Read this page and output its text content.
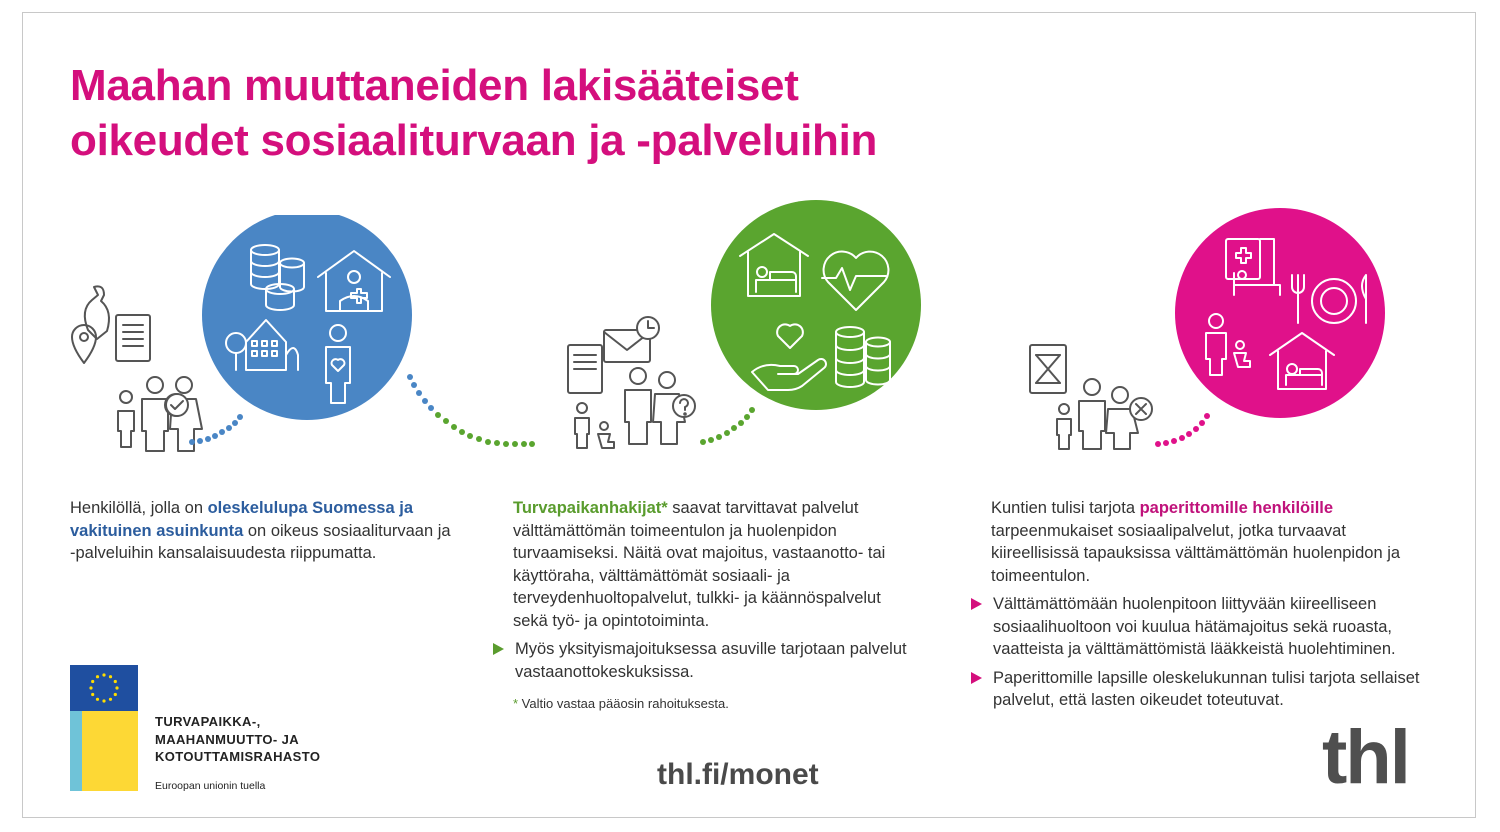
Maahan muuttaneiden lakisääteiset
oikeudet sosiaaliturvaan ja -palveluihin

Henkilöllä, jolla on oleskelulupa Suomessa ja vakituinen asuinkunta on oikeus sosiaaliturvaan ja -palveluihin kansalaisuudesta riippumatta.

Turvapaikanhakijat* saavat tarvittavat palvelut välttämättömän toimeentulon ja huolenpidon turvaamiseksi. Näitä ovat majoitus, vastaanotto- tai käyttöraha, välttämättömät sosiaali- ja terveydenhuoltopalvelut, tulkki- ja käännöspalvelut sekä työ- ja opintotoiminta.

Myös yksityismajoituksessa asuville tarjotaan palvelut vastaanottokeskuksissa.

* Valtio vastaa pääosin rahoituksesta.

Kuntien tulisi tarjota paperittomille henkilöille tarpeenmukaiset sosiaalipalvelut, jotka turvaavat kiireellisissä tapauksissa välttämättömän huolenpidon ja toimeentulon.

Välttämättömään huolenpitoon liittyvään kiireelliseen sosiaalihuoltoon voi kuulua hätämajoitus sekä ruoasta, vaatteista ja välttämättömistä lääkkeistä huolehtiminen.

Paperittomille lapsille oleskelukunnan tulisi tarjota sellaiset palvelut, että lasten oikeudet toteutuvat.

TURVAPAIKKA-,
MAAHANMUUTTO- JA
KOTOUTTAMISRAHASTO
Euroopan unionin tuella	thl.fi/monet	thl
